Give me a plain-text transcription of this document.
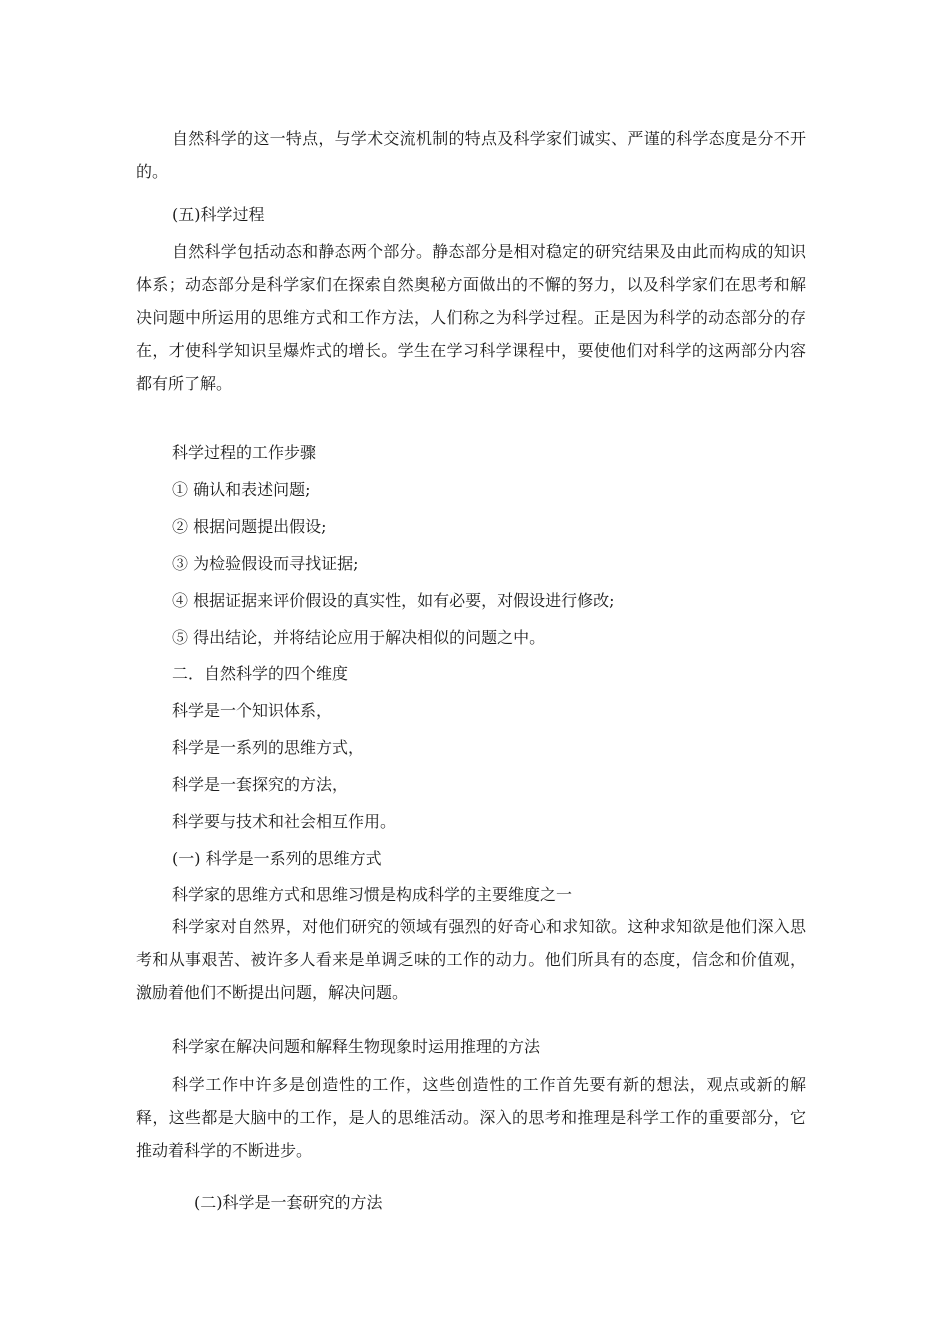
自然科学的这一特点，与学术交流机制的特点及科学家们诚实、严谨的科学态度是分不开的。

(五)科学过程

自然科学包括动态和静态两个部分。静态部分是相对稳定的研究结果及由此而构成的知识体系；动态部分是科学家们在探索自然奥秘方面做出的不懈的努力，以及科学家们在思考和解决问题中所运用的思维方式和工作方法，人们称之为科学过程。正是因为科学的动态部分的存在，才使科学知识呈爆炸式的增长。学生在学习科学课程中，要使他们对科学的这两部分内容都有所了解。

科学过程的工作步骤

① 确认和表述问题;

② 根据问题提出假设;

③ 为检验假设而寻找证据;

④ 根据证据来评价假设的真实性，如有必要，对假设进行修改;

⑤ 得出结论，并将结论应用于解决相似的问题之中。

二．自然科学的四个维度

科学是一个知识体系，

科学是一系列的思维方式，

科学是一套探究的方法，

科学要与技术和社会相互作用。

(一) 科学是一系列的思维方式

科学家的思维方式和思维习惯是构成科学的主要维度之一

科学家对自然界，对他们研究的领域有强烈的好奇心和求知欲。这种求知欲是他们深入思考和从事艰苦、被许多人看来是单调乏味的工作的动力。他们所具有的态度，信念和价值观，激励着他们不断提出问题，解决问题。

科学家在解决问题和解释生物现象时运用推理的方法

科学工作中许多是创造性的工作，这些创造性的工作首先要有新的想法，观点或新的解释，这些都是大脑中的工作，是人的思维活动。深入的思考和推理是科学工作的重要部分，它推动着科学的不断进步。

(二)科学是一套研究的方法
